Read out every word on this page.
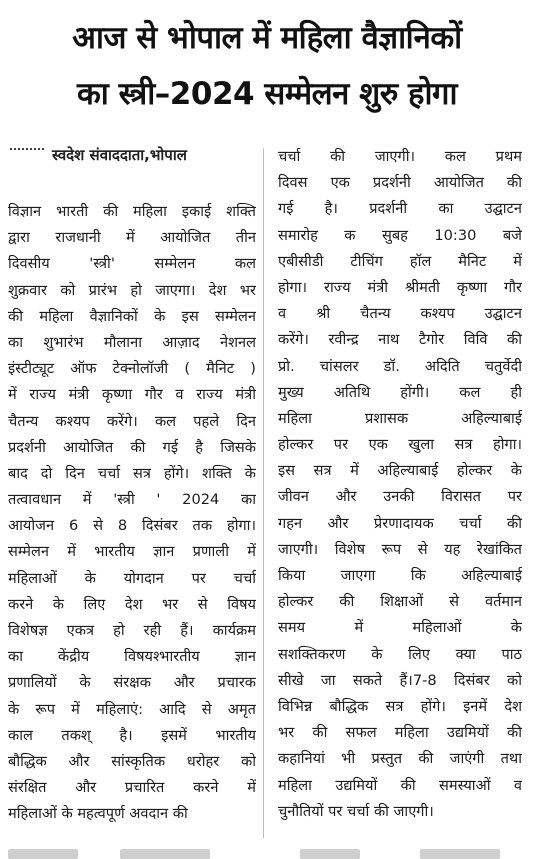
आज से भोपाल में महिला वैज्ञानिकों
का स्त्री–2024 सम्मेलन शुरु होगा
स्वदेश संवाददाता,भोपाल
विज्ञान भारती की महिला इकाई शक्ति
द्वारा राजधानी में आयोजित तीन
दिवसीय 'स्त्री' सम्मेलन कल
शुक्रवार को प्रारंभ हो जाएगा। देश भर
की महिला वैज्ञानिकों के इस सम्मेलन
का शुभारंभ मौलाना आज़ाद नेशनल
इंस्टीट्यूट ऑफ टेक्नोलॉजी ( मैनिट )
में राज्य मंत्री कृष्णा गौर व राज्य मंत्री
चैतन्य कश्यप करेंगे। कल पहले दिन
प्रदर्शनी आयोजित की गई है जिसके
बाद दो दिन चर्चा सत्र होंगे। शक्ति के
तत्वावधान में 'स्त्री ' 2024 का
आयोजन 6 से 8 दिसंबर तक होगा।
सम्मेलन में भारतीय ज्ञान प्रणाली में
महिलाओं के योगदान पर चर्चा
करने के लिए देश भर से विषय
विशेषज्ञ एकत्र हो रही हैं। कार्यक्रम
का केंद्रीय विषयश्भारतीय ज्ञान
प्रणालियों के संरक्षक और प्रचारक
के रूप में महिलाएं: आदि से अमृत
काल तकश् है। इसमें भारतीय
बौद्धिक और सांस्कृतिक धरोहर को
संरक्षित और प्रचारित करने में
महिलाओं के महत्वपूर्ण अवदान की
चर्चा की जाएगी। कल प्रथम
दिवस एक प्रदर्शनी आयोजित की
गई है। प्रदर्शनी का उद्घाटन
समारोह क सुबह 10:30 बजे
एबीसीडी टीचिंग हॉल मैनिट में
होगा। राज्य मंत्री श्रीमती कृष्णा गौर
व श्री चैतन्य कश्यप उद्घाटन
करेंगे। रवीन्द्र नाथ टैगोर विवि की
प्रो. चांसलर डॉ. अदिति चतुर्वेदी
मुख्य अतिथि होंगी। कल ही
महिला प्रशासक अहिल्याबाई
होल्कर पर एक खुला सत्र होगा।
इस सत्र में अहिल्याबाई होल्कर के
जीवन और उनकी विरासत पर
गहन और प्रेरणादायक चर्चा की
जाएगी। विशेष रूप से यह रेखांकित
किया जाएगा कि अहिल्याबाई
होल्कर की शिक्षाओं से वर्तमान
समय में महिलाओं के
सशक्तिकरण के लिए क्या पाठ
सीखे जा सकते हैं।7-8 दिसंबर को
विभिन्न बौद्धिक सत्र होंगे। इनमें देश
भर की सफल महिला उद्यमियों की
कहानियां भी प्रस्तुत की जाएंगी तथा
महिला उद्यमियों की समस्याओं व
चुनौतियों पर चर्चा की जाएगी।
